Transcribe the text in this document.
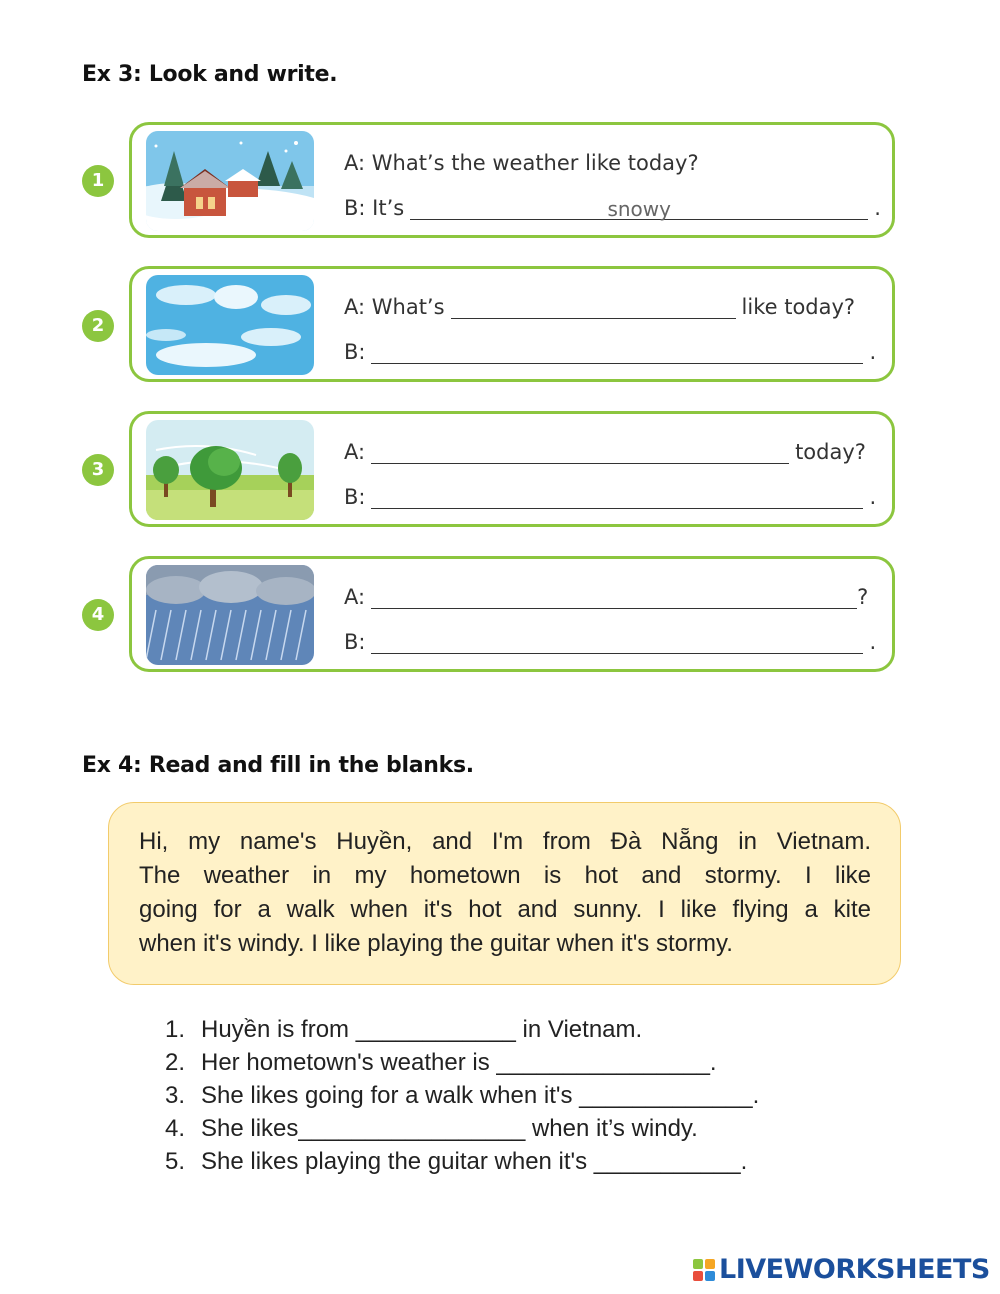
Ex 3: Look and write.
1
A: What’s the weather like today?
B: It’s	snowy	.
2
A: What’s	like today?
B:	.
3
A:	today?
B:	.
4
A:	?
B:	.
Ex 4: Read and fill in the blanks.
Hi, my name's Huyền, and I'm from Đà Nẵng in Vietnam.
The weather in my hometown is hot and stormy. I like
going for a walk when it's hot and sunny. I like flying a kite
when it's windy. I like playing the guitar when it's stormy.
1. Huyền is from ____________ in Vietnam.
2. Her hometown's weather is ________________.
3. She likes going for a walk when it's _____________.
4. She likes_________________ when it’s windy.
5. She likes playing the guitar when it's ___________.
LIVEWORKSHEETS
